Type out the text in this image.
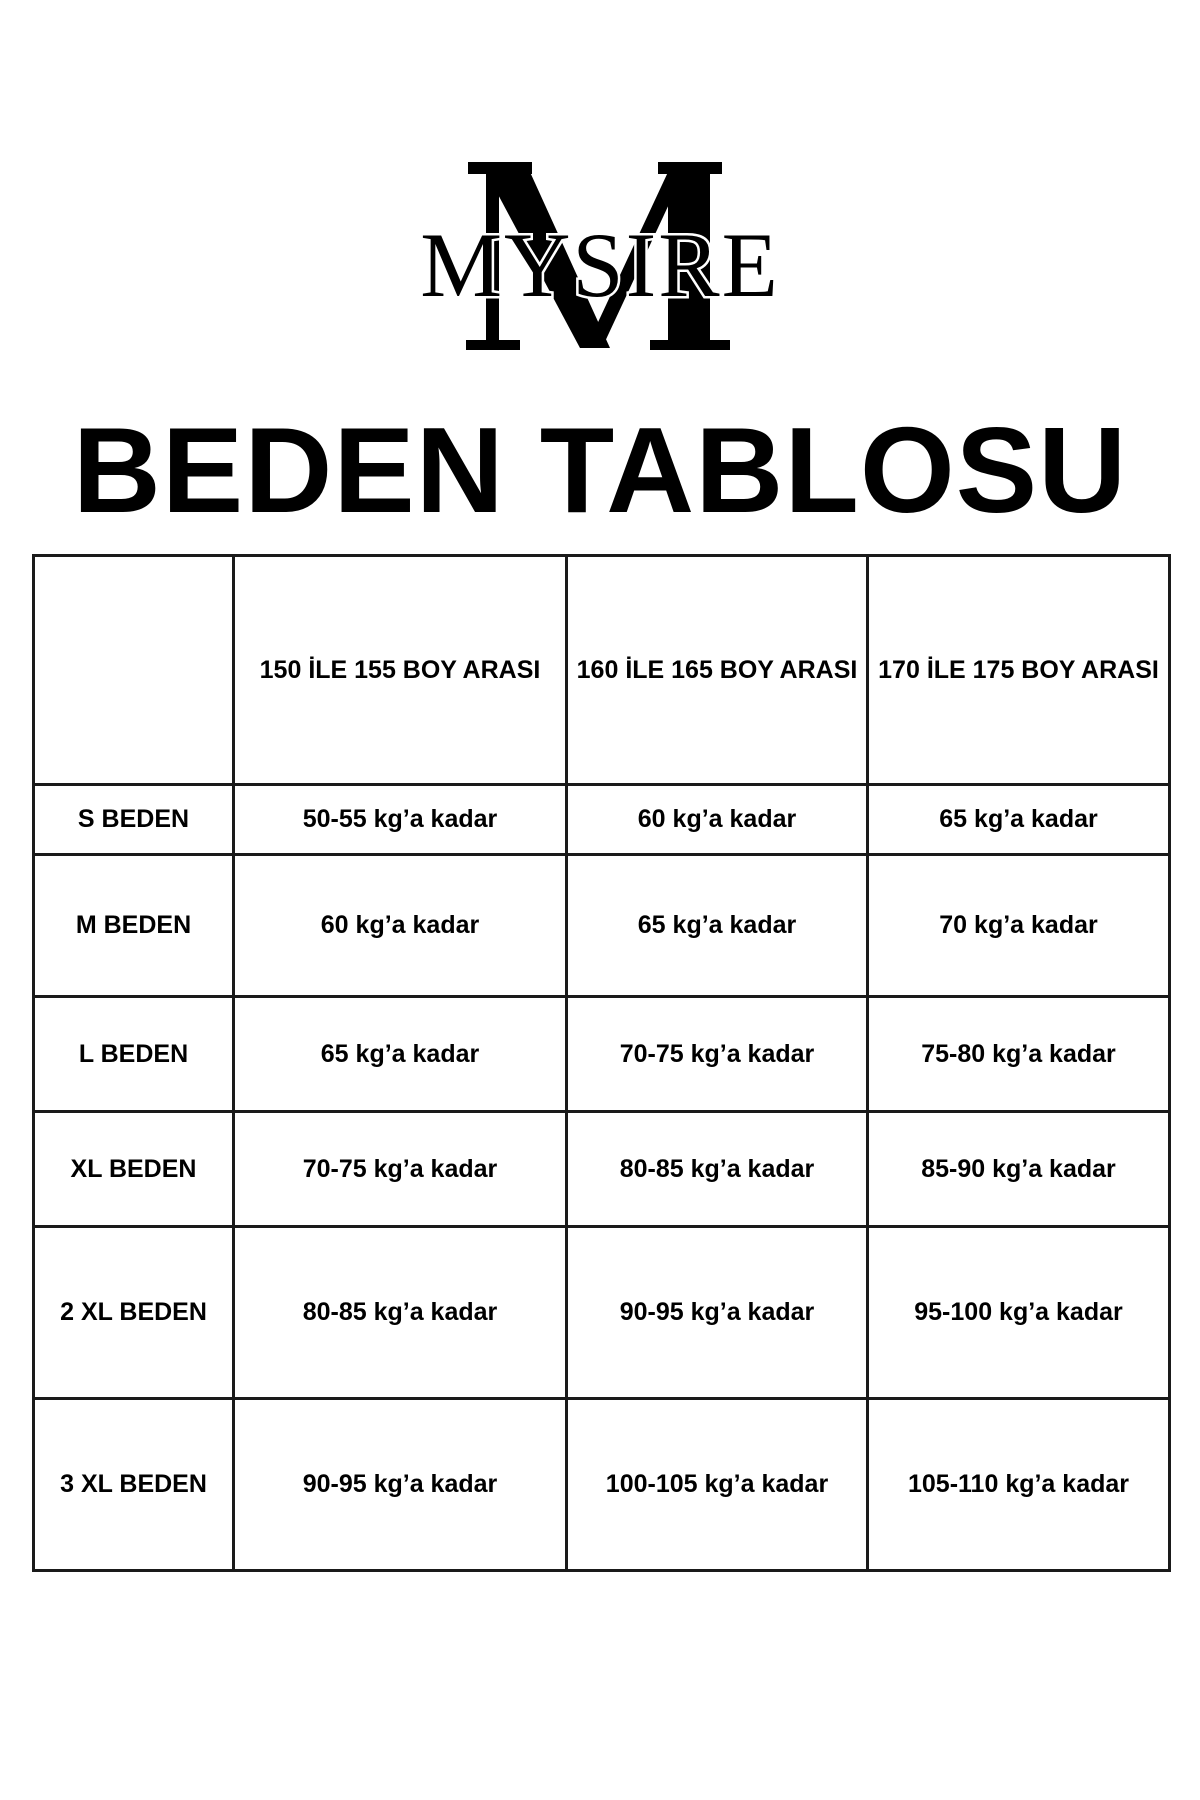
MYSIRE
BEDEN TABLOSU
	150 İLE 155 BOY ARASI	160 İLE 165 BOY ARASI	170 İLE 175 BOY ARASI
S BEDEN	50-55 kg’a kadar	60 kg’a kadar	65 kg’a kadar
M BEDEN	60 kg’a kadar	65 kg’a kadar	70 kg’a kadar
L BEDEN	65 kg’a kadar	70-75 kg’a kadar	75-80 kg’a kadar
XL BEDEN	70-75 kg’a kadar	80-85 kg’a kadar	85-90 kg’a kadar
2 XL BEDEN	80-85 kg’a kadar	90-95 kg’a kadar	95-100 kg’a kadar
3 XL BEDEN	90-95 kg’a kadar	100-105 kg’a kadar	105-110 kg’a kadar
